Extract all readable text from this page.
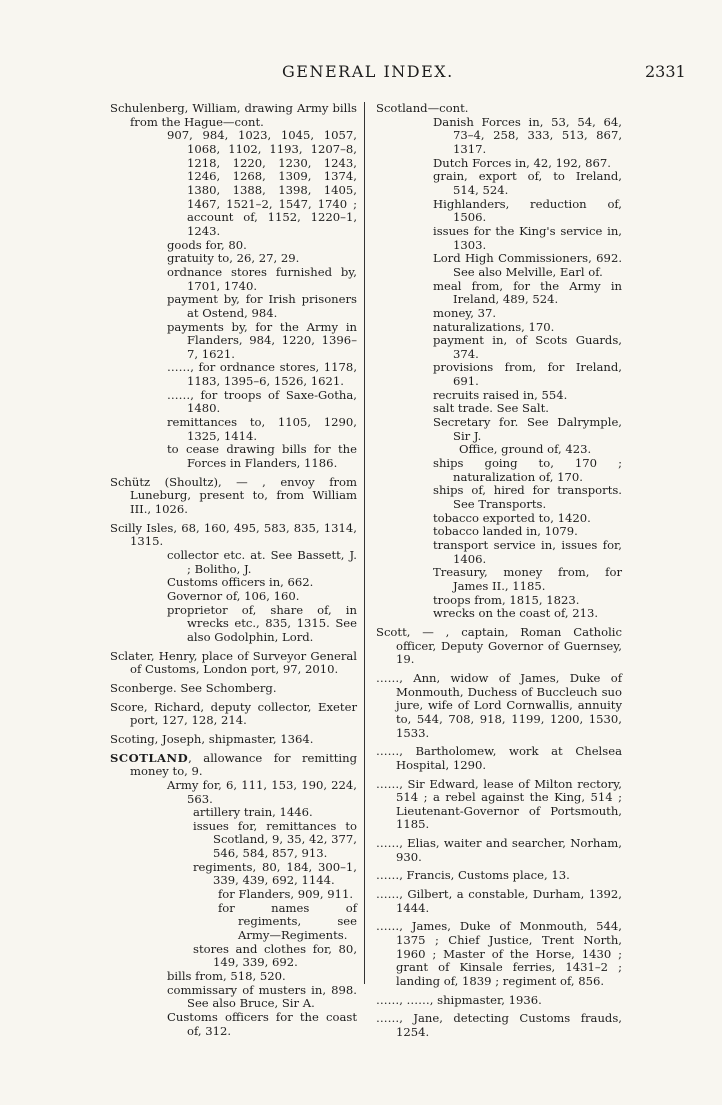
GENERAL INDEX.	2331

Schulenberg, William, drawing Army bills from the Hague—cont.

907, 984, 1023, 1045, 1057, 1068, 1102, 1193, 1207–8, 1218, 1220, 1230, 1243, 1246, 1268, 1309, 1374, 1380, 1388, 1398, 1405, 1467, 1521–2, 1547, 1740 ; account of, 1152, 1220–1, 1243.

goods for, 80.

gratuity to, 26, 27, 29.

ordnance stores furnished by, 1701, 1740.

payment by, for Irish prisoners at Ostend, 984.

payments by, for the Army in Flanders, 984, 1220, 1396–7, 1621.

……, for ordnance stores, 1178, 1183, 1395–6, 1526, 1621.

……, for troops of Saxe-Gotha, 1480.

remittances to, 1105, 1290, 1325, 1414.

to cease drawing bills for the Forces in Flanders, 1186.

Schütz (Shoultz), — , envoy from Luneburg, present to, from William III., 1026.

Scilly Isles, 68, 160, 495, 583, 835, 1314, 1315.

collector etc. at. See Bassett, J. ; Bolitho, J.

Customs officers in, 662.

Governor of, 106, 160.

proprietor of, share of, in wrecks etc., 835, 1315. See also Godolphin, Lord.

Sclater, Henry, place of Surveyor General of Customs, London port, 97, 2010.

Sconberge. See Schomberg.

Score, Richard, deputy collector, Exeter port, 127, 128, 214.

Scoting, Joseph, shipmaster, 1364.

SCOTLAND, allowance for remitting money to, 9.

Army for, 6, 111, 153, 190, 224, 563.

artillery train, 1446.

issues for, remittances to Scotland, 9, 35, 42, 377, 546, 584, 857, 913.

regiments, 80, 184, 300–1, 339, 439, 692, 1144.

for Flanders, 909, 911.

for names of regiments, see Army—Regiments.

stores and clothes for, 80, 149, 339, 692.

bills from, 518, 520.

commissary of musters in, 898. See also Bruce, Sir A.

Customs officers for the coast of, 312.

Scotland—cont.

Danish Forces in, 53, 54, 64, 73–4, 258, 333, 513, 867, 1317.

Dutch Forces in, 42, 192, 867.

grain, export of, to Ireland, 514, 524.

Highlanders, reduction of, 1506.

issues for the King's service in, 1303.

Lord High Commissioners, 692. See also Melville, Earl of.

meal from, for the Army in Ireland, 489, 524.

money, 37.

naturalizations, 170.

payment in, of Scots Guards, 374.

provisions from, for Ireland, 691.

recruits raised in, 554.

salt trade. See Salt.

Secretary for. See Dalrymple, Sir J.

Office, ground of, 423.

ships going to, 170 ; naturalization of, 170.

ships of, hired for transports. See Transports.

tobacco exported to, 1420.

tobacco landed in, 1079.

transport service in, issues for, 1406.

Treasury, money from, for James II., 1185.

troops from, 1815, 1823.

wrecks on the coast of, 213.

Scott, — , captain, Roman Catholic officer, Deputy Governor of Guernsey, 19.

……, Ann, widow of James, Duke of Monmouth, Duchess of Buccleuch suo jure, wife of Lord Cornwallis, annuity to, 544, 708, 918, 1199, 1200, 1530, 1533.

……, Bartholomew, work at Chelsea Hospital, 1290.

……, Sir Edward, lease of Milton rectory, 514 ; a rebel against the King, 514 ; Lieutenant-Governor of Portsmouth, 1185.

……, Elias, waiter and searcher, Norham, 930.

……, Francis, Customs place, 13.

……, Gilbert, a constable, Durham, 1392, 1444.

……, James, Duke of Monmouth, 544, 1375 ; Chief Justice, Trent North, 1960 ; Master of the Horse, 1430 ; grant of Kinsale ferries, 1431–2 ; landing of, 1839 ; regiment of, 856.

……, ……, shipmaster, 1936.

……, Jane, detecting Customs frauds, 1254.
